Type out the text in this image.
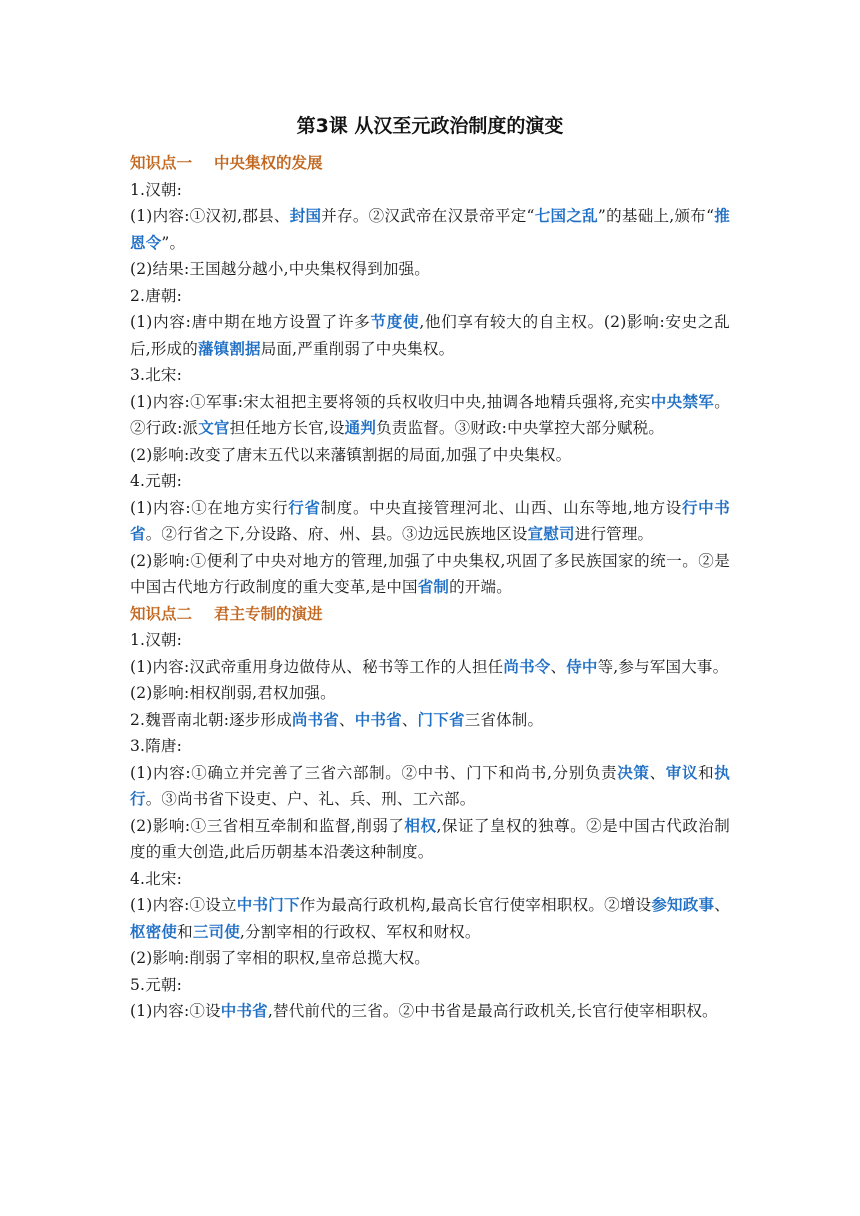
第3课 从汉至元政治制度的演变
知识点一 中央集权的发展
1.汉朝:
(1)内容:①汉初,郡县、封国并存。②汉武帝在汉景帝平定“七国之乱”的基础上,颁布“推恩令”。
(2)结果:王国越分越小,中央集权得到加强。
2.唐朝:
(1)内容:唐中期在地方设置了许多节度使,他们享有较大的自主权。(2)影响:安史之乱后,形成的藩镇割据局面,严重削弱了中央集权。
3.北宋:
(1)内容:①军事:宋太祖把主要将领的兵权收归中央,抽调各地精兵强将,充实中央禁军。②行政:派文官担任地方长官,设通判负责监督。③财政:中央掌控大部分赋税。
(2)影响:改变了唐末五代以来藩镇割据的局面,加强了中央集权。
4.元朝:
(1)内容:①在地方实行行省制度。中央直接管理河北、山西、山东等地,地方设行中书省。②行省之下,分设路、府、州、县。③边远民族地区设宣慰司进行管理。
(2)影响:①便利了中央对地方的管理,加强了中央集权,巩固了多民族国家的统一。②是中国古代地方行政制度的重大变革,是中国省制的开端。
知识点二 君主专制的演进
1.汉朝:
(1)内容:汉武帝重用身边做侍从、秘书等工作的人担任尚书令、侍中等,参与军国大事。
(2)影响:相权削弱,君权加强。
2.魏晋南北朝:逐步形成尚书省、中书省、门下省三省体制。
3.隋唐:
(1)内容:①确立并完善了三省六部制。②中书、门下和尚书,分别负责决策、审议和执行。③尚书省下设吏、户、礼、兵、刑、工六部。
(2)影响:①三省相互牵制和监督,削弱了相权,保证了皇权的独尊。②是中国古代政治制度的重大创造,此后历朝基本沿袭这种制度。
4.北宋:
(1)内容:①设立中书门下作为最高行政机构,最高长官行使宰相职权。②增设参知政事、枢密使和三司使,分割宰相的行政权、军权和财权。
(2)影响:削弱了宰相的职权,皇帝总揽大权。
5.元朝:
(1)内容:①设中书省,替代前代的三省。②中书省是最高行政机关,长官行使宰相职权。
